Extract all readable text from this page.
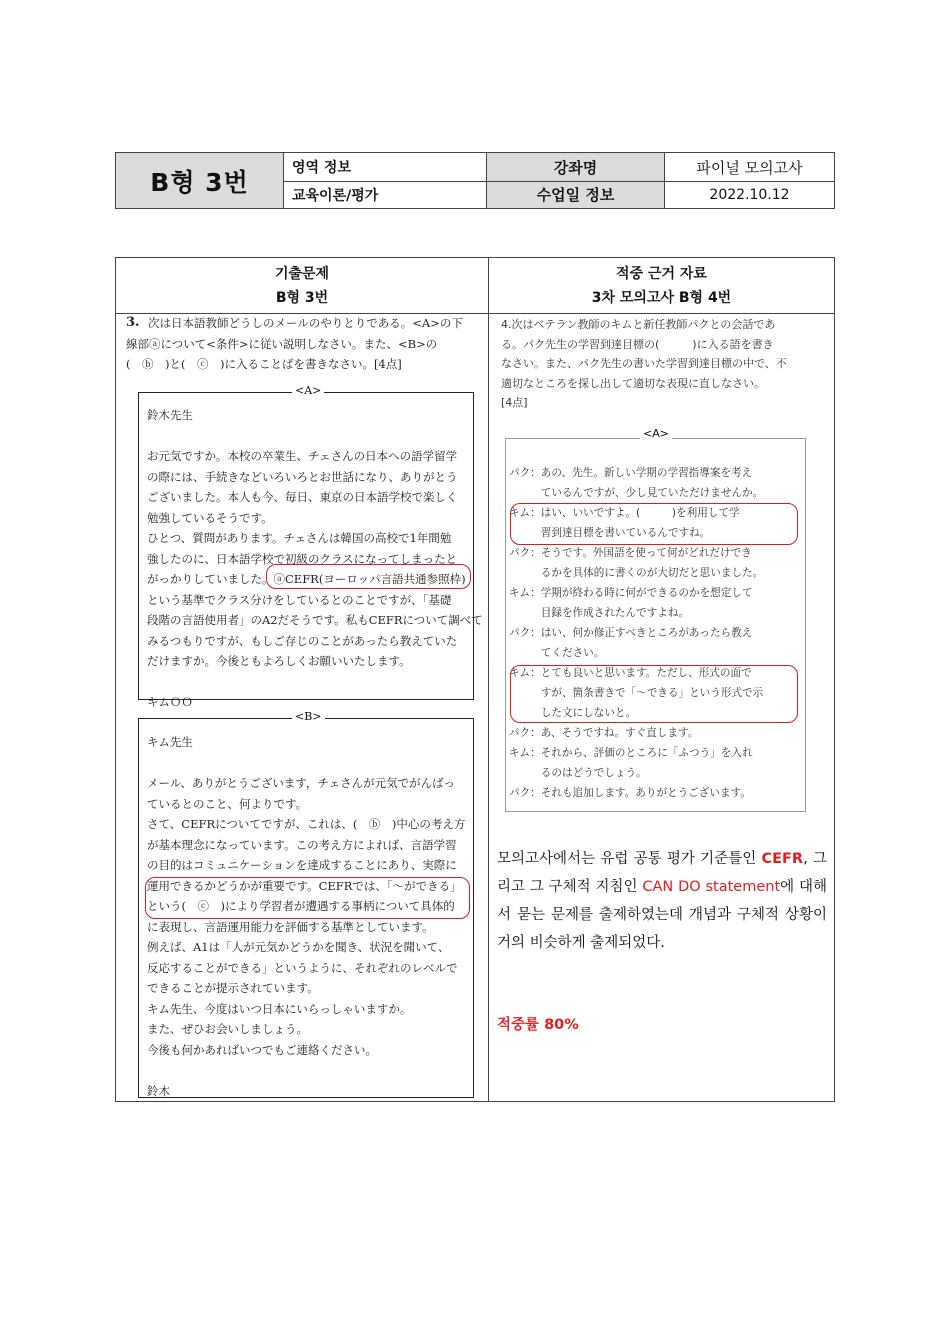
B형 3번	영역 정보
교육이론/평가
강좌명
수업일 정보
파이널 모의고사
2022.10.12
기출문제
B형 3번
적중 근거 자료
3차 모의고사 B형 4번
3. 次は日本語教師どうしのメールのやりとりである。<A>の下
線部ⓐについて<条件>に従い説明しなさい。また、<B>の
(　ⓑ　)と(　ⓒ　)に入ることばを書きなさい。[4点]
<A>
鈴木先生

お元気ですか。本校の卒業生、チェさんの日本への語学留学
の際には、手続きなどいろいろとお世話になり、ありがとう
ございました。本人も今、毎日、東京の日本語学校で楽しく
勉強しているそうです。
ひとつ、質問があります。チェさんは韓国の高校で1年間勉
強したのに、日本語学校で初級のクラスになってしまったと
がっかりしていました。ⓐCEFR(ヨーロッパ言語共通参照枠)
という基準でクラス分けをしているとのことですが、「基礎
段階の言語使用者」のA2だそうです。私もCEFRについて調べて
みるつもりですが、もしご存じのことがあったら教えていた
だけますか。今後ともよろしくお願いいたします。

キムＯＯ
<B>
キム先生

メール、ありがとうございます，チェさんが元気でがんばっ
ているとのこと、何よりです。
さて、CEFRについてですが、これは、(　ⓑ　)中心の考え方
が基本理念になっています。この考え方によれば、言語学習
の目的はコミュニケーションを達成することにあり、実際に
運用できるかどうかが重要です。CEFRでは、「～ができる」
という(　ⓒ　)により学習者が遭遇する事柄について具体的
に表現し、言語運用能力を評価する基準としています。
例えば、A1は「人が元気かどうかを聞き、状況を聞いて、
反応することができる」というように、それぞれのレベルで
できることが提示されています。
キム先生、今度はいつ日本にいらっしゃいますか。
また、ぜひお会いしましょう。
今後も何かあればいつでもご連絡ください。

鈴木
4.次はベテラン教師のキムと新任教師パクとの会話であ
る。パク先生の学習到達目標の(　　　)に入る語を書き
なさい。また、パク先生の書いた学習到達目標の中で、不
適切なところを探し出して適切な表現に直しなさい。
[4点]
<A>
パク：あの、先生。新しい学期の学習指導案を考え
　　　ているんですが、少し見ていただけませんか。
キム：はい、いいですよ。(　　　)を利用して学
　　　習到達目標を書いているんですね。
パク：そうです。外国語を使って何がどれだけでき
　　　るかを具体的に書くのが大切だと思いました。
キム：学期が終わる時に何ができるのかを想定して
　　　目録を作成されたんですよね。
パク：はい、何か修正すべきところがあったら教え
　　　てください。
キム：とても良いと思います。ただし、形式の面で
　　　すが、箇条書きで「～できる」という形式で示
　　　した文にしないと。
パク：あ、そうですね。すぐ直します。
キム：それから、評価のところに「ふつう」を入れ
　　　るのはどうでしょう。
パク：それも追加します。ありがとうございます。
모의고사에서는 유럽 공통 평가 기준틀인 CEFR, 그리고 그 구체적 지침인 CAN DO statement에 대해서 묻는 문제를 출제하였는데 개념과 구체적 상황이 거의 비슷하게 출제되었다.
적중률 80%
